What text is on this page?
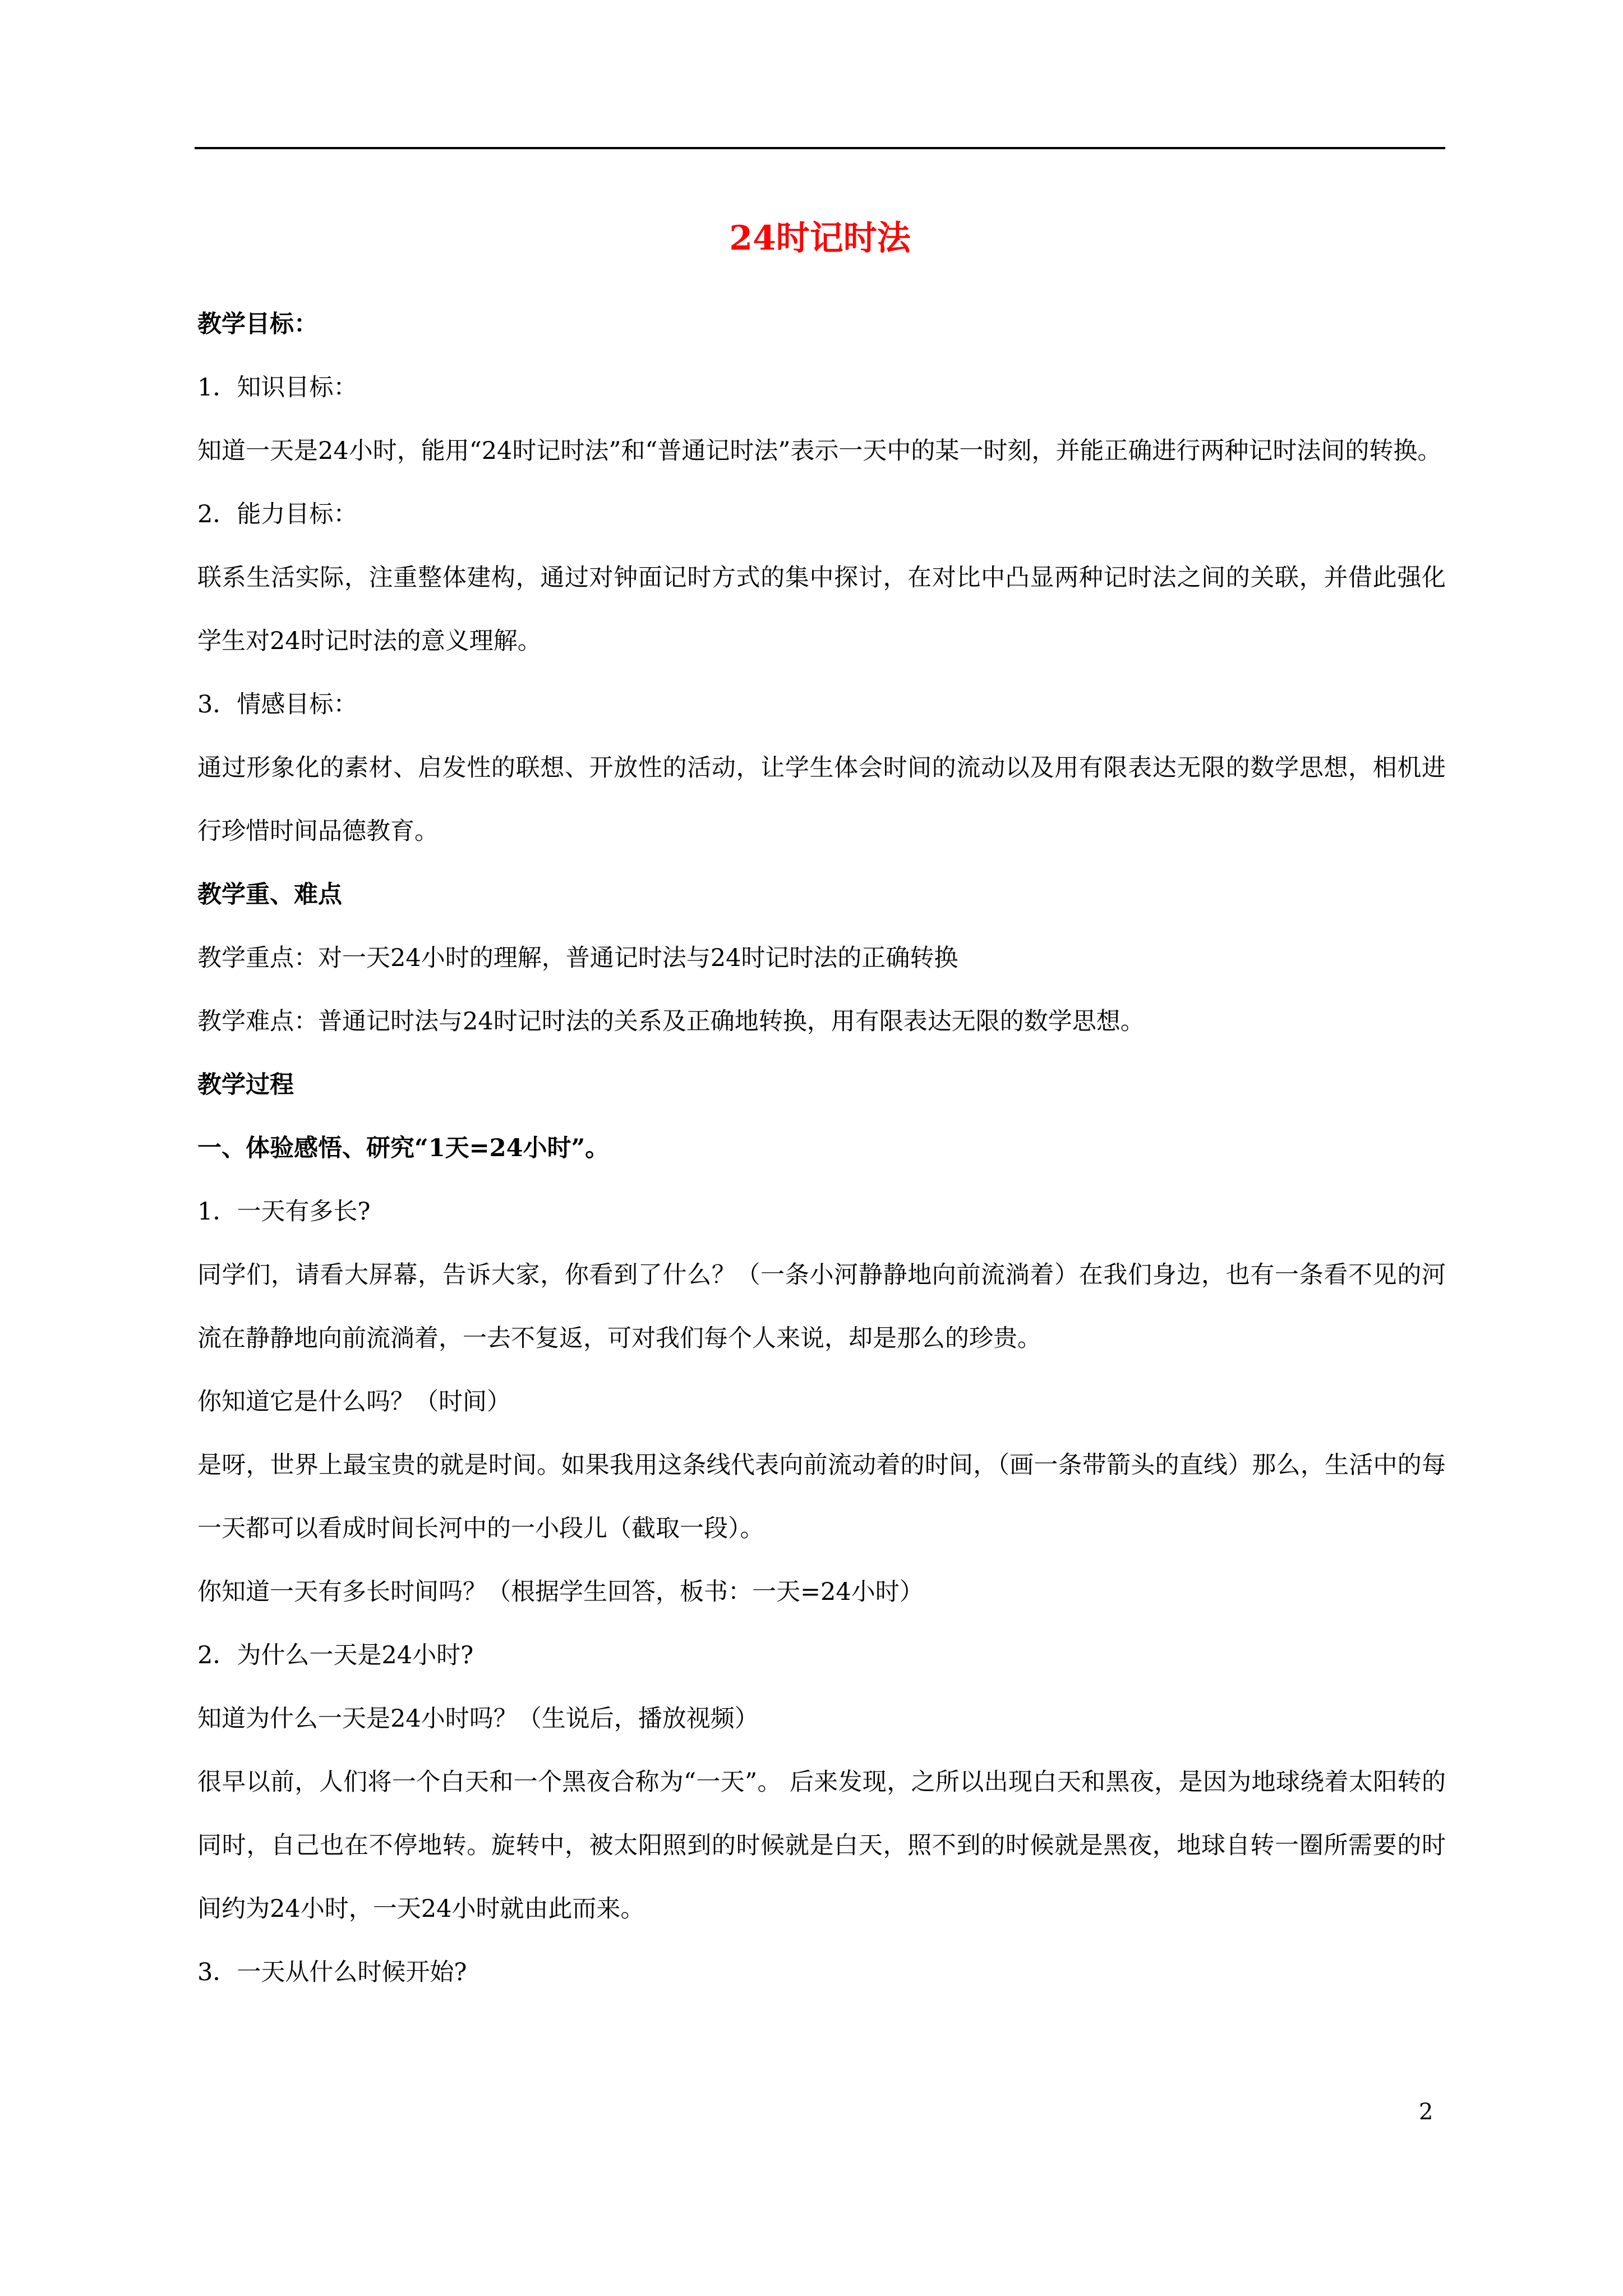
24时记时法

教学目标：

1．知识目标：

知道一天是24小时，能用“24时记时法”和“普通记时法”表示一天中的某一时刻，并能正确进行两种记时法间的转换。

2．能力目标：

联系生活实际，注重整体建构，通过对钟面记时方式的集中探讨，在对比中凸显两种记时法之间的关联，并借此强化学生对24时记时法的意义理解。

3．情感目标：

通过形象化的素材、启发性的联想、开放性的活动，让学生体会时间的流动以及用有限表达无限的数学思想，相机进行珍惜时间品德教育。

教学重、难点

教学重点：对一天24小时的理解，普通记时法与24时记时法的正确转换

教学难点：普通记时法与24时记时法的关系及正确地转换，用有限表达无限的数学思想。

教学过程

一、体验感悟、研究“1天=24小时”。

1．一天有多长?

同学们，请看大屏幕，告诉大家，你看到了什么？（一条小河静静地向前流淌着）在我们身边，也有一条看不见的河流在静静地向前流淌着，一去不复返，可对我们每个人来说，却是那么的珍贵。

你知道它是什么吗？（时间）

是呀，世界上最宝贵的就是时间。如果我用这条线代表向前流动着的时间，（画一条带箭头的直线）那么，生活中的每一天都可以看成时间长河中的一小段儿（截取一段）。

你知道一天有多长时间吗？（根据学生回答，板书：一天=24小时）

2．为什么一天是24小时?

知道为什么一天是24小时吗？（生说后，播放视频）

很早以前，人们将一个白天和一个黑夜合称为“一天”。 后来发现，之所以出现白天和黑夜，是因为地球绕着太阳转的同时，自己也在不停地转。旋转中，被太阳照到的时候就是白天，照不到的时候就是黑夜，地球自转一圈所需要的时间约为24小时，一天24小时就由此而来。

3．一天从什么时候开始?

2
